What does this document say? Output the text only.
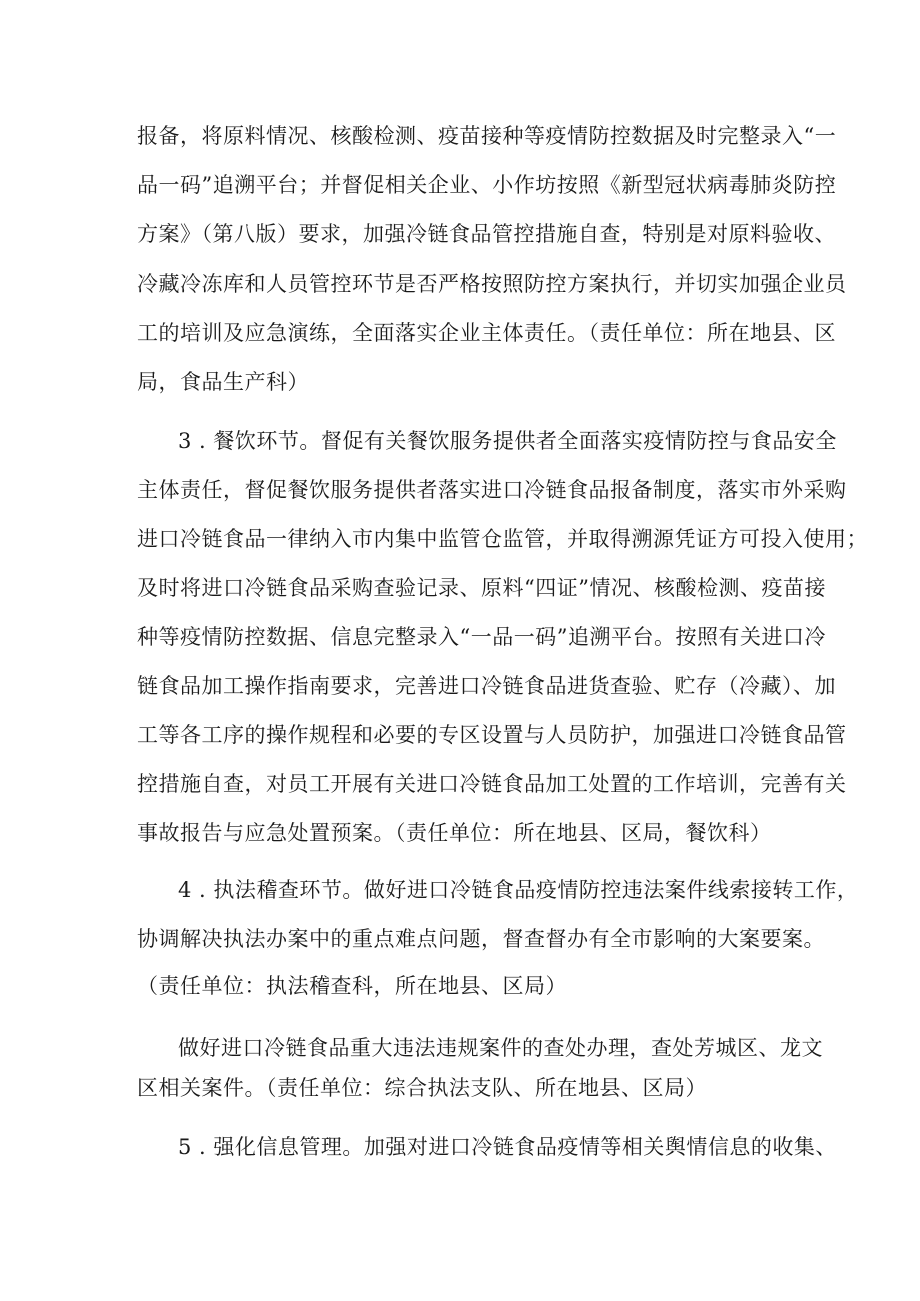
报备，将原料情况、核酸检测、疫苗接种等疫情防控数据及时完整录入“一
品一码”追溯平台；并督促相关企业、小作坊按照《新型冠状病毒肺炎防控
方案》（第八版）要求，加强冷链食品管控措施自查，特别是对原料验收、
冷藏冷冻库和人员管控环节是否严格按照防控方案执行，并切实加强企业员
工的培训及应急演练，全面落实企业主体责任。（责任单位：所在地县、区
局，食品生产科）
3 . 餐饮环节。督促有关餐饮服务提供者全面落实疫情防控与食品安全
主体责任，督促餐饮服务提供者落实进口冷链食品报备制度，落实市外采购
进口冷链食品一律纳入市内集中监管仓监管，并取得溯源凭证方可投入使用；
及时将进口冷链食品采购查验记录、原料“四证”情况、核酸检测、疫苗接
种等疫情防控数据、信息完整录入“一品一码”追溯平台。按照有关进口冷
链食品加工操作指南要求，完善进口冷链食品进货查验、贮存（冷藏）、加
工等各工序的操作规程和必要的专区设置与人员防护，加强进口冷链食品管
控措施自查，对员工开展有关进口冷链食品加工处置的工作培训，完善有关
事故报告与应急处置预案。（责任单位：所在地县、区局，餐饮科）
4 . 执法稽查环节。做好进口冷链食品疫情防控违法案件线索接转工作，
协调解决执法办案中的重点难点问题，督查督办有全市影响的大案要案。
（责任单位：执法稽查科，所在地县、区局）
做好进口冷链食品重大违法违规案件的查处办理，查处芳城区、龙文
区相关案件。（责任单位：综合执法支队、所在地县、区局）
5 . 强化信息管理。加强对进口冷链食品疫情等相关舆情信息的收集、
